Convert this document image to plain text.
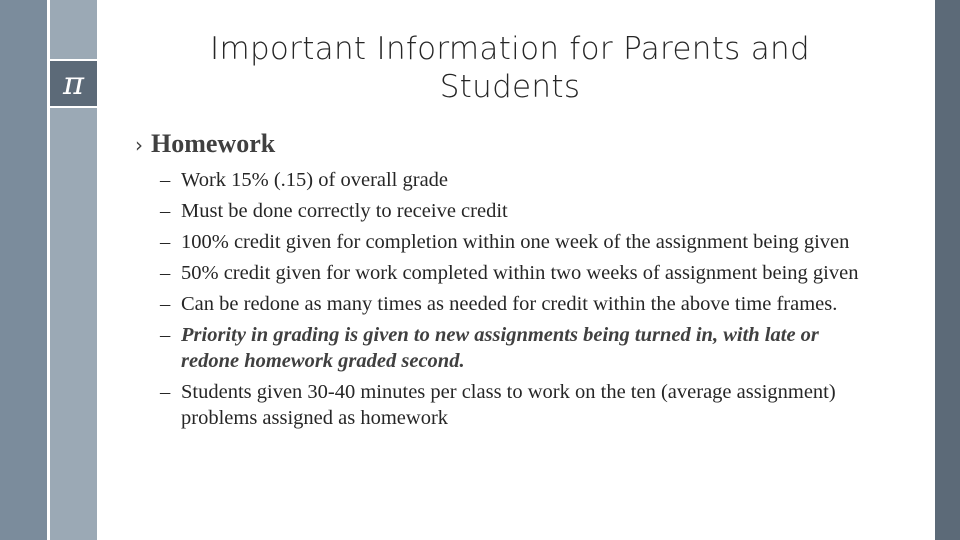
π
Important Information for Parents and Students
› Homework
– Work 15% (.15) of overall grade
– Must be done correctly to receive credit
– 100% credit given for completion within one week of the assignment being given
– 50% credit given for work completed within two weeks of assignment being given
– Can be redone as many times as needed for credit within the above time frames.
– Priority in grading is given to new assignments being turned in, with late or redone homework graded second.
– Students given 30-40 minutes per class to work on the ten (average assignment) problems assigned as homework
